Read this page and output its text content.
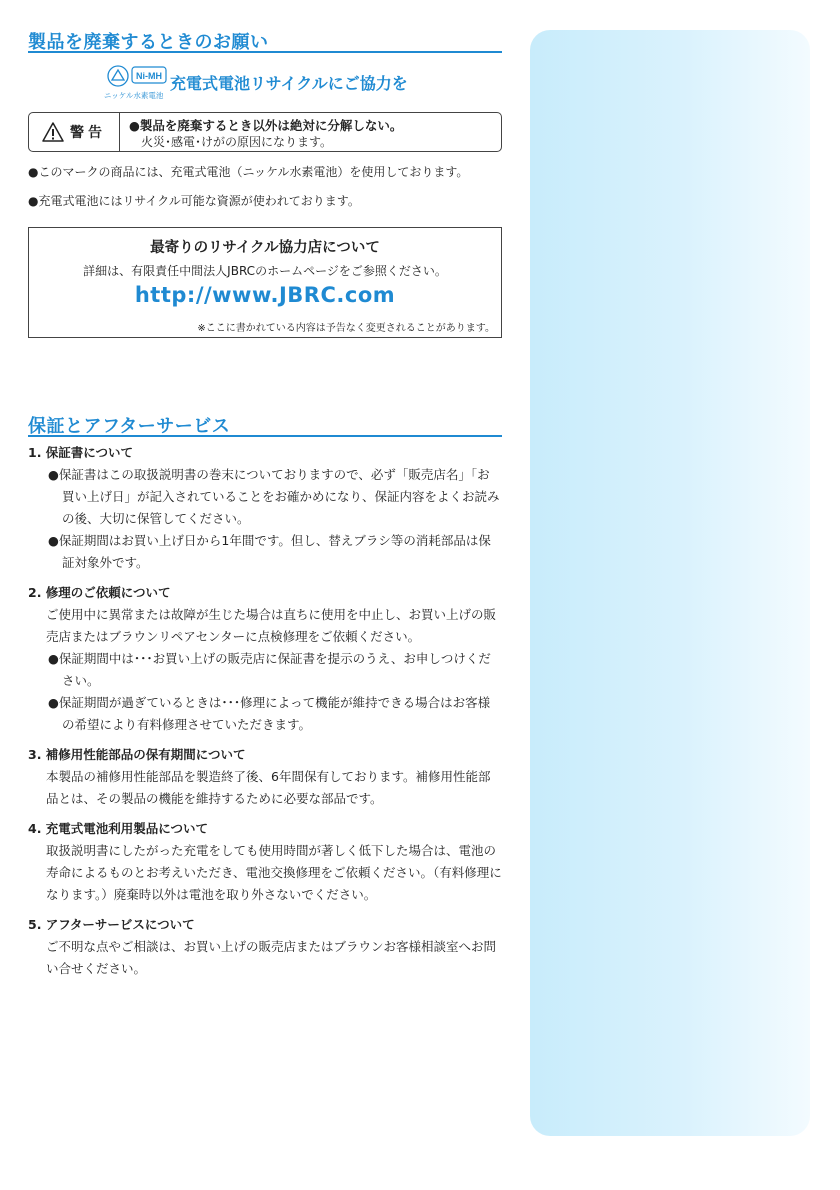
製品を廃棄するときのお願い
Ni-MH
ニッケル水素電池
充電式電池リサイクルにご協力を
警告 ●製品を廃棄するとき以外は絶対に分解しない。
火災･感電･けがの原因になります。
●このマークの商品には、充電式電池（ニッケル水素電池）を使用しております。
●充電式電池にはリサイクル可能な資源が使われております。
最寄りのリサイクル協力店について
詳細は、有限責任中間法人JBRCのホームページをご参照ください。
http://www.JBRC.com
※ここに書かれている内容は予告なく変更されることがあります。
保証とアフターサービス
1. 保証書について
●保証書はこの取扱説明書の巻末についておりますので、必ず「販売店名」「お買い上げ日」が記入されていることをお確かめになり、保証内容をよくお読みの後、大切に保管してください。
●保証期間はお買い上げ日から1年間です。但し、替えブラシ等の消耗部品は保証対象外です。
2. 修理のご依頼について
ご使用中に異常または故障が生じた場合は直ちに使用を中止し、お買い上げの販売店またはブラウンリペアセンターに点検修理をご依頼ください。
●保証期間中は･･･お買い上げの販売店に保証書を提示のうえ、お申しつけください。
●保証期間が過ぎているときは･･･修理によって機能が維持できる場合はお客様の希望により有料修理させていただきます。
3. 補修用性能部品の保有期間について
本製品の補修用性能部品を製造終了後、6年間保有しております。補修用性能部品とは、その製品の機能を維持するために必要な部品です。
4. 充電式電池利用製品について
取扱説明書にしたがった充電をしても使用時間が著しく低下した場合は、電池の寿命によるものとお考えいただき、電池交換修理をご依頼ください。（有料修理になります。）廃棄時以外は電池を取り外さないでください。
5. アフターサービスについて
ご不明な点やご相談は、お買い上げの販売店またはブラウンお客様相談室へお問い合せください。
